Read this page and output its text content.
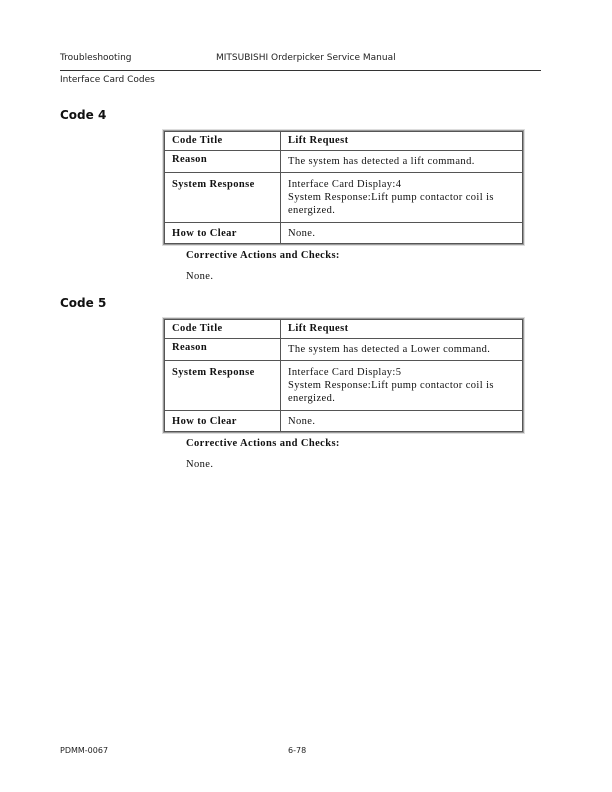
Troubleshooting	MITSUBISHI Orderpicker Service Manual
Interface Card Codes
Code 4
Code Title	Lift Request
Reason	The system has detected a lift command.
System Response	Interface Card Display:4
System Response:Lift pump contactor coil is energized.

How to Clear	None.
Corrective Actions and Checks:
None.
Code 5
Code Title	Lift Request
Reason	The system has detected a Lower command.
System Response	Interface Card Display:5
System Response:Lift pump contactor coil is energized.

How to Clear	None.
Corrective Actions and Checks:
None.
PDMM-0067	6-78
